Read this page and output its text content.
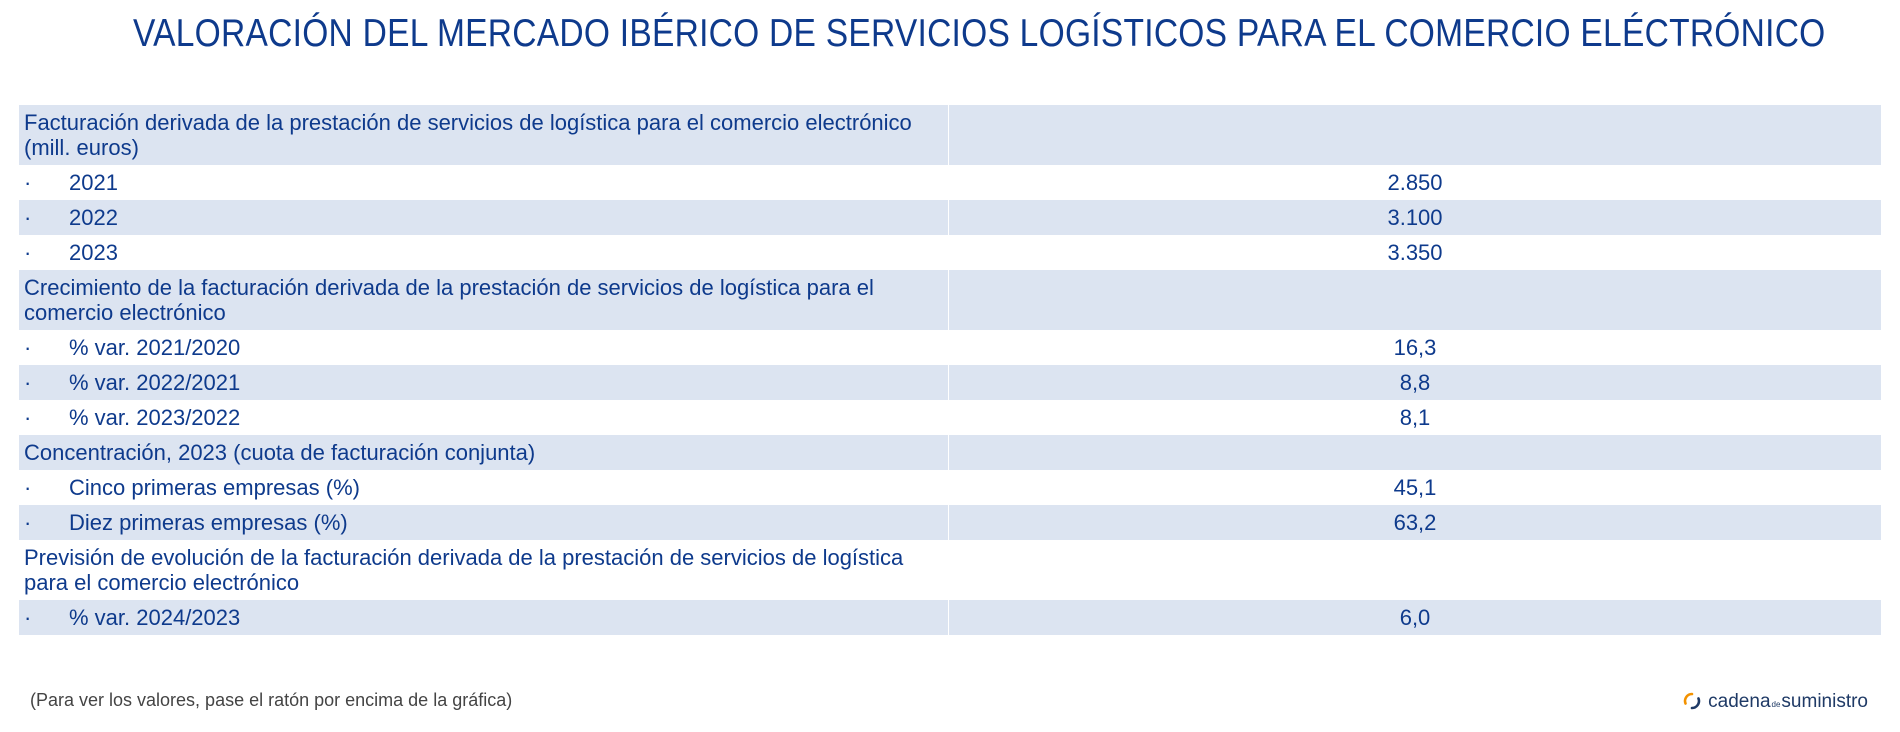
VALORACIÓN DEL MERCADO IBÉRICO DE SERVICIOS LOGÍSTICOS PARA EL COMERCIO ELÉCTRÓNICO
Facturación derivada de la prestación de servicios de logística para el comercio electrónico (mill. euros)
· 2021	2.850
· 2022	3.100
· 2023	3.350
Crecimiento de la facturación derivada de la prestación de servicios de logística para el comercio electrónico
· % var. 2021/2020	16,3
· % var. 2022/2021	8,8
· % var. 2023/2022	8,1
Concentración, 2023 (cuota de facturación conjunta)
· Cinco primeras empresas (%)	45,1
· Diez primeras empresas (%)	63,2
Previsión de evolución de la facturación derivada de la prestación de servicios de logística para el comercio electrónico
· % var. 2024/2023	6,0
(Para ver los valores, pase el ratón por encima de la gráfica)	cadena de suministro
